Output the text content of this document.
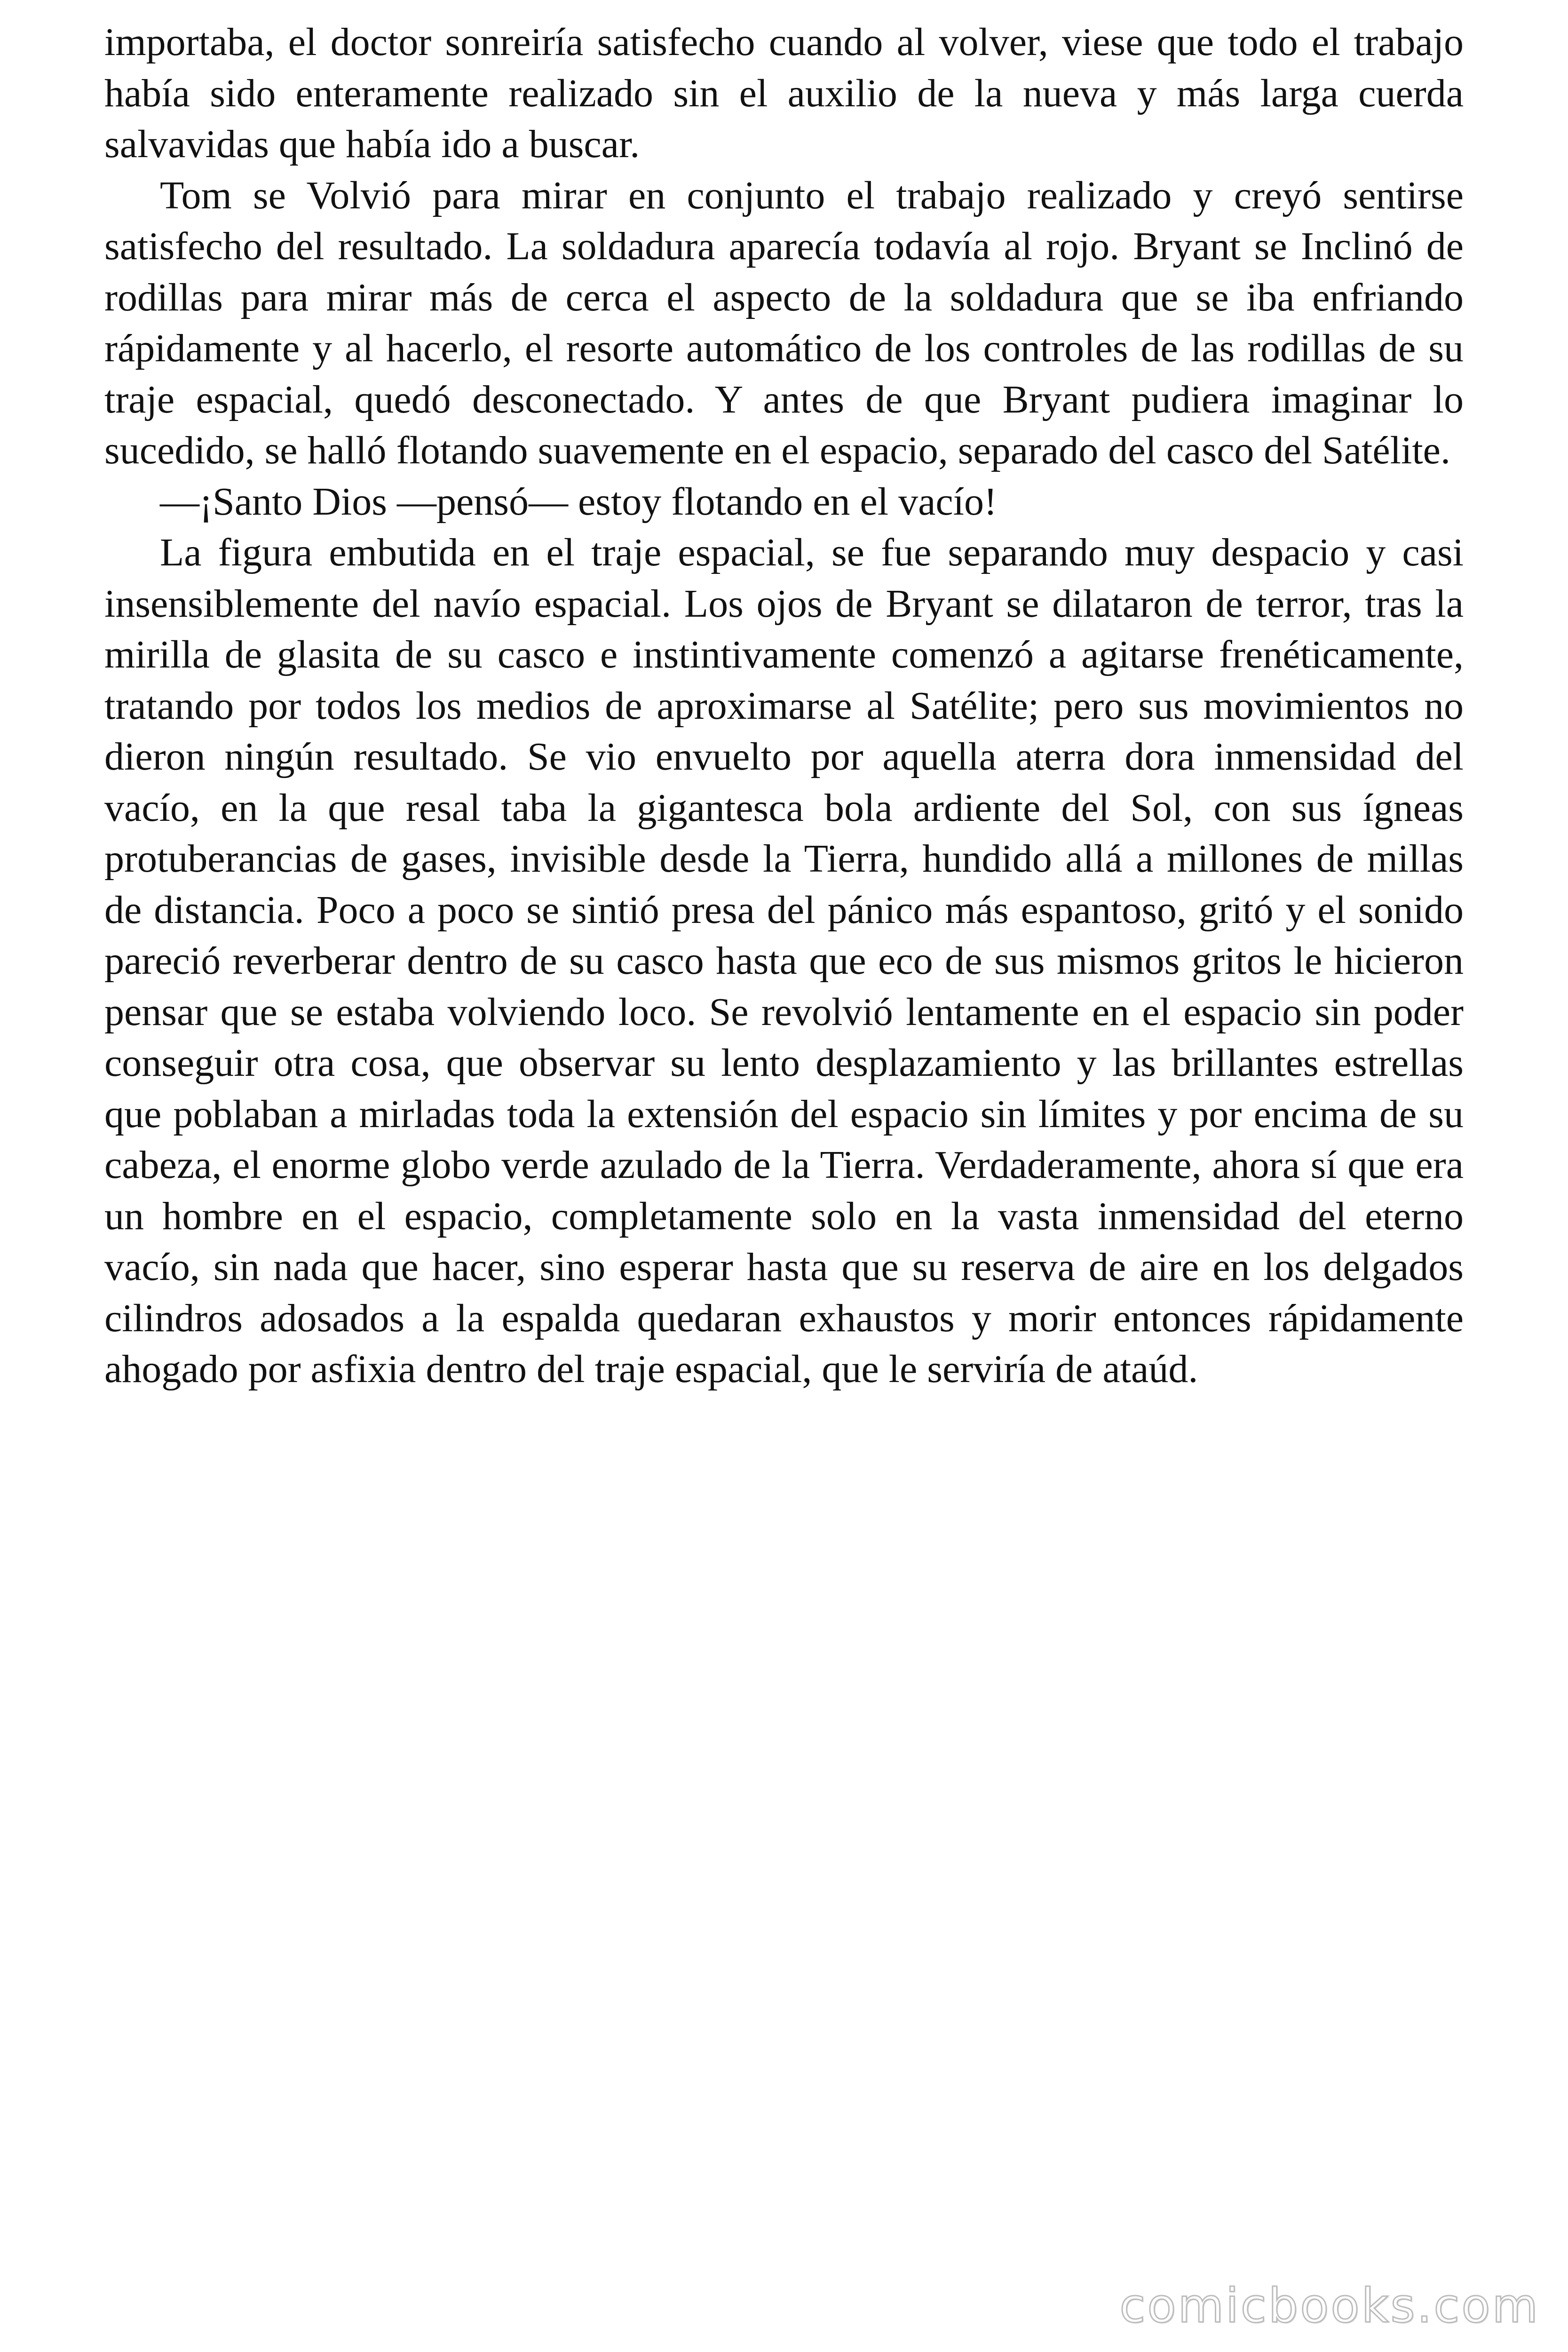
importaba, el doctor sonreiría satisfecho cuando al volver, viese que todo el trabajo había sido enteramente realizado sin el auxilio de la nueva y más larga cuerda salvavidas que había ido a buscar.

Tom se Volvió para mirar en conjunto el trabajo realizado y creyó sentirse satisfecho del resultado. La soldadura aparecía todavía al rojo. Bryant se Inclinó de rodillas para mirar más de cerca el aspecto de la soldadura que se iba enfriando rápidamente y al hacerlo, el resorte automático de los controles de las rodillas de su traje espacial, quedó desconectado. Y antes de que Bryant pudiera imaginar lo sucedido, se halló flotando suavemente en el espacio, separado del casco del Satélite.

—¡Santo Dios —pensó— estoy flotando en el vacío!

La figura embutida en el traje espacial, se fue separando muy despacio y casi insensiblemente del navío espacial. Los ojos de Bryant se dilataron de terror, tras la mirilla de glasita de su casco e instintivamente comenzó a agitarse frenéticamente, tratando por todos los medios de aproximarse al Satélite; pero sus movimientos no dieron ningún resultado. Se vio envuelto por aquella aterra dora inmensidad del vacío, en la que resal taba la gigantesca bola ardiente del Sol, con sus ígneas protuberancias de gases, invisible desde la Tierra, hundido allá a millones de millas de distancia. Poco a poco se sintió presa del pánico más espantoso, gritó y el sonido pareció reverberar dentro de su casco hasta que eco de sus mismos gritos le hicieron pensar que se estaba volviendo loco. Se revolvió lentamente en el espacio sin poder conseguir otra cosa, que observar su lento desplazamiento y las brillantes estrellas que poblaban a mirladas toda la extensión del espacio sin límites y por encima de su cabeza, el enorme globo verde azulado de la Tierra. Verdaderamente, ahora sí que era un hombre en el espacio, completamente solo en la vasta inmensidad del eterno vacío, sin nada que hacer, sino esperar hasta que su reserva de aire en los delgados cilindros adosados a la espalda quedaran exhaustos y morir entonces rápidamente ahogado por asfixia dentro del traje espacial, que le serviría de ataúd.

comicbooks.com
